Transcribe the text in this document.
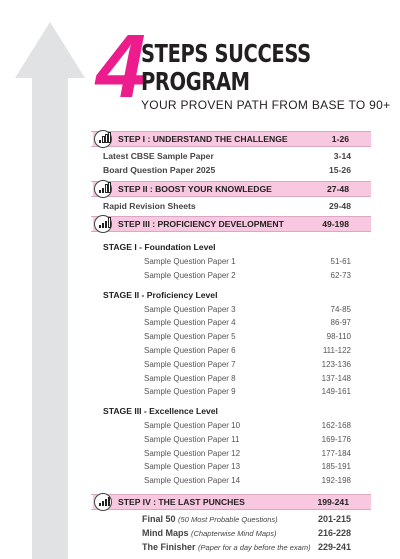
4
STEPS SUCCESS
PROGRAM
YOUR PROVEN PATH FROM BASE TO 90+
STEP I : UNDERSTAND THE CHALLENGE	1-26
Latest CBSE Sample Paper	3-14
Board Question Paper 2025	15-26
STEP II : BOOST YOUR KNOWLEDGE	27-48
Rapid Revision Sheets	29-48
STEP III : PROFICIENCY DEVELOPMENT	49-198
STAGE I - Foundation Level
Sample Question Paper 1	51-61
Sample Question Paper 2	62-73
STAGE II - Proficiency Level
Sample Question Paper 3	74-85
Sample Question Paper 4	86-97
Sample Question Paper 5	98-110
Sample Question Paper 6	111-122
Sample Question Paper 7	123-136
Sample Question Paper 8	137-148
Sample Question Paper 9	149-161
STAGE III - Excellence Level
Sample Question Paper 10	162-168
Sample Question Paper 11	169-176
Sample Question Paper 12	177-184
Sample Question Paper 13	185-191
Sample Question Paper 14	192-198
STEP IV : THE LAST PUNCHES	199-241
Final 50 (50 Most Probable Questions)	201-215
Mind Maps (Chapterwise Mind Maps)	216-228
The Finisher (Paper for a day before the exam) 229-241
